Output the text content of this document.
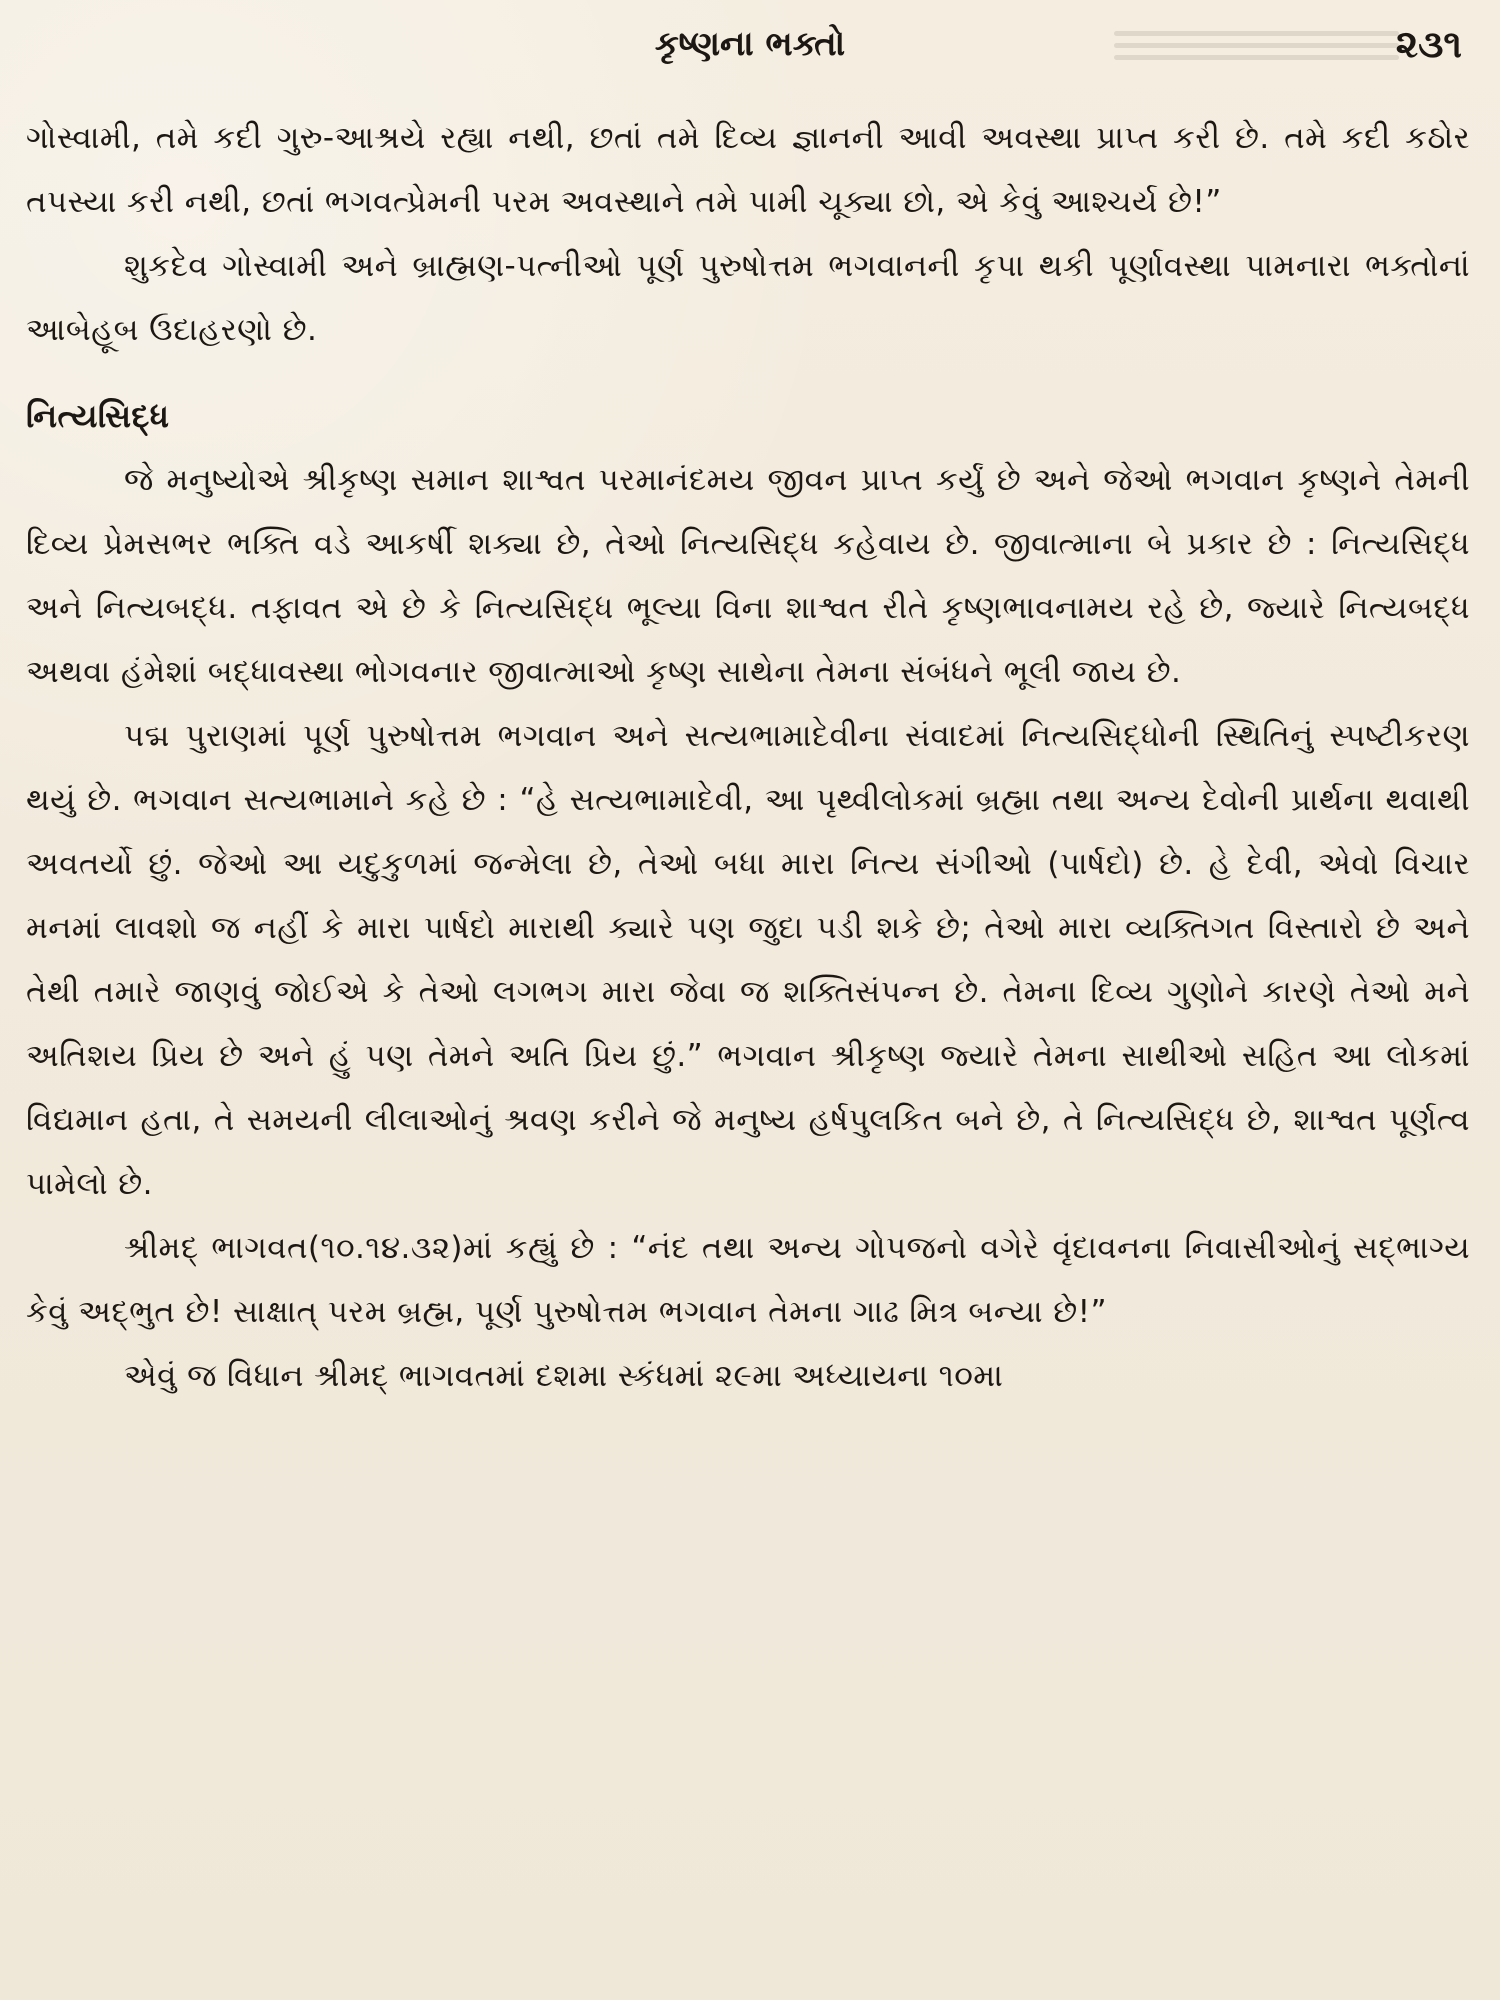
કૃષ્ણના ભક્તો	૨૩૧

ગોસ્વામી, તમે કદી ગુરુ-આશ્રયે રહ્યા નથી, છતાં તમે દિવ્ય જ્ઞાનની આવી અવસ્થા પ્રાપ્ત કરી છે. તમે કદી કઠોર તપસ્યા કરી નથી, છતાં ભગવત્પ્રેમની પરમ અવસ્થાને તમે પામી ચૂક્યા છો, એ કેવું આશ્ચર્ય છે!”

શુકદેવ ગોસ્વામી અને બ્રાહ્મણ-પત્નીઓ પૂર્ણ પુરુષોત્તમ ભગવાનની કૃપા થકી પૂર્ણાવસ્થા પામનારા ભક્તોનાં આબેહૂબ ઉદાહરણો છે.

નિત્યસિદ્ધ

જે મનુષ્યોએ શ્રીકૃષ્ણ સમાન શાશ્વત પરમાનંદમય જીવન પ્રાપ્ત કર્યું છે અને જેઓ ભગવાન કૃષ્ણને તેમની દિવ્ય પ્રેમસભર ભક્તિ વડે આકર્ષી શક્યા છે, તેઓ નિત્યસિદ્ધ કહેવાય છે. જીવાત્માના બે પ્રકાર છે : નિત્યસિદ્ધ અને નિત્યબદ્ધ. તફાવત એ છે કે નિત્યસિદ્ધ ભૂલ્યા વિના શાશ્વત રીતે કૃષ્ણભાવનામય રહે છે, જ્યારે નિત્યબદ્ધ અથવા હંમેશાં બદ્ધાવસ્થા ભોગવનાર જીવાત્માઓ કૃષ્ણ સાથેના તેમના સંબંધને ભૂલી જાય છે.

પદ્મ પુરાણમાં પૂર્ણ પુરુષોત્તમ ભગવાન અને સત્યભામાદેવીના સંવાદમાં નિત્યસિદ્ધોની સ્થિતિનું સ્પષ્ટીકરણ થયું છે. ભગવાન સત્યભામાને કહે છે : “હે સત્યભામાદેવી, આ પૃથ્વીલોકમાં બ્રહ્મા તથા અન્ય દેવોની પ્રાર્થના થવાથી અવતર્યો છું. જેઓ આ યદુકુળમાં જન્મેલા છે, તેઓ બધા મારા નિત્ય સંગીઓ (પાર્ષદો) છે. હે દેવી, એવો વિચાર મનમાં લાવશો જ નહીં કે મારા પાર્ષદો મારાથી ક્યારે પણ જુદા પડી શકે છે; તેઓ મારા વ્યક્તિગત વિસ્તારો છે અને તેથી તમારે જાણવું જોઈએ કે તેઓ લગભગ મારા જેવા જ શક્તિસંપન્ન છે. તેમના દિવ્ય ગુણોને કારણે તેઓ મને અતિશય પ્રિય છે અને હું પણ તેમને અતિ પ્રિય છું.” ભગવાન શ્રીકૃષ્ણ જ્યારે તેમના સાથીઓ સહિત આ લોકમાં વિદ્યમાન હતા, તે સમયની લીલાઓનું શ્રવણ કરીને જે મનુષ્ય હર્ષપુલકિત બને છે, તે નિત્યસિદ્ધ છે, શાશ્વત પૂર્ણત્વ પામેલો છે.

શ્રીમદ્ ભાગવત(૧૦.૧૪.૩૨)માં કહ્યું છે : “નંદ તથા અન્ય ગોપજનો વગેરે વૃંદાવનના નિવાસીઓનું સદ્ભાગ્ય કેવું અદ્ભુત છે! સાક્ષાત્ પરમ બ્રહ્મ, પૂર્ણ પુરુષોત્તમ ભગવાન તેમના ગાઢ મિત્ર બન્યા છે!”

એવું જ વિધાન શ્રીમદ્ ભાગવતમાં દશમા સ્કંધમાં ૨૯મા અધ્યાયના ૧૦મા
